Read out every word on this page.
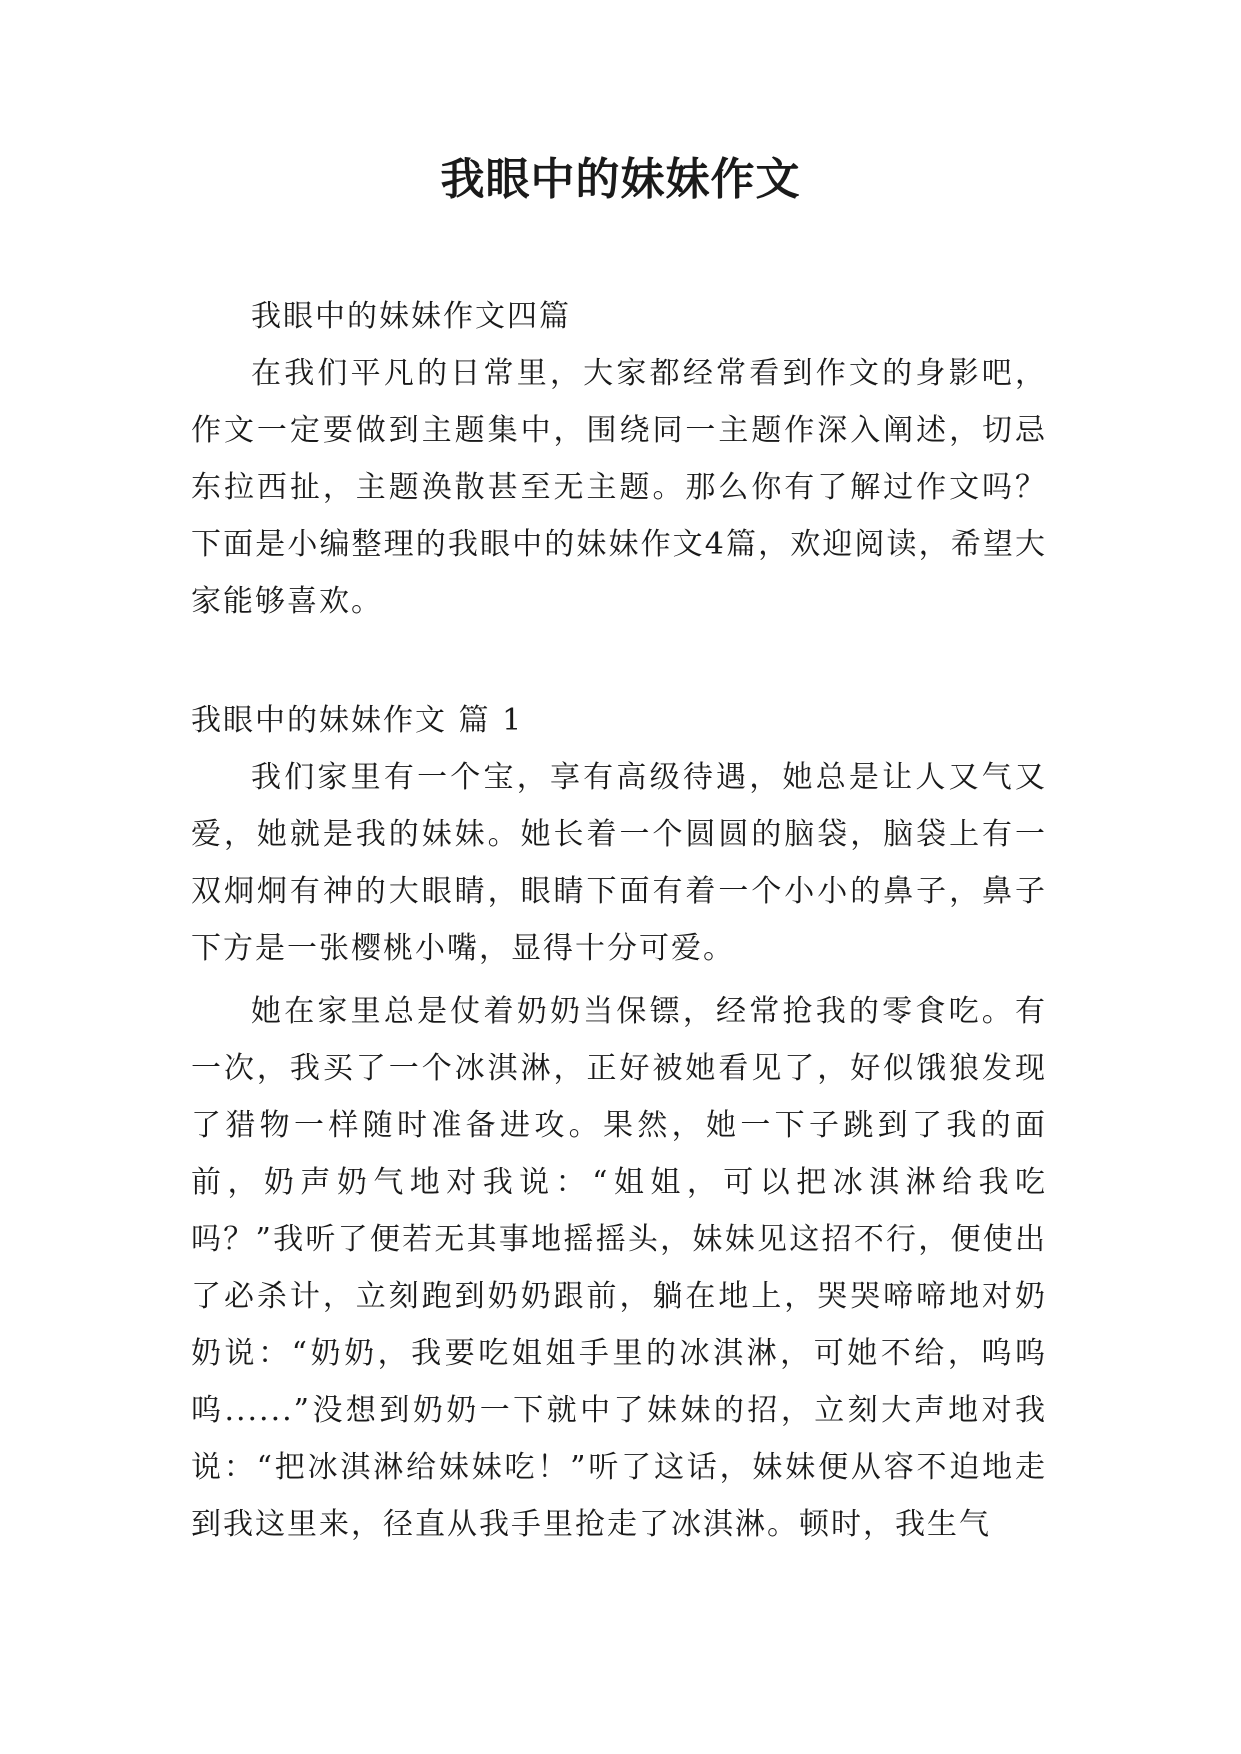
我眼中的妹妹作文

我眼中的妹妹作文四篇

在我们平凡的日常里，大家都经常看到作文的身影吧，作文一定要做到主题集中，围绕同一主题作深入阐述，切忌东拉西扯，主题涣散甚至无主题。那么你有了解过作文吗？下面是小编整理的我眼中的妹妹作文4篇，欢迎阅读，希望大家能够喜欢。

我眼中的妹妹作文 篇 1

我们家里有一个宝，享有高级待遇，她总是让人又气又爱，她就是我的妹妹。她长着一个圆圆的脑袋，脑袋上有一双炯炯有神的大眼睛，眼睛下面有着一个小小的鼻子，鼻子下方是一张樱桃小嘴，显得十分可爱。

她在家里总是仗着奶奶当保镖，经常抢我的零食吃。有一次，我买了一个冰淇淋，正好被她看见了，好似饿狼发现了猎物一样随时准备进攻。果然，她一下子跳到了我的面前，奶声奶气地对我说：“姐姐，可以把冰淇淋给我吃吗？”我听了便若无其事地摇摇头，妹妹见这招不行，便使出了必杀计，立刻跑到奶奶跟前，躺在地上，哭哭啼啼地对奶奶说：“奶奶，我要吃姐姐手里的冰淇淋，可她不给，呜呜呜......”没想到奶奶一下就中了妹妹的招，立刻大声地对我说：“把冰淇淋给妹妹吃！”听了这话，妹妹便从容不迫地走到我这里来，径直从我手里抢走了冰淇淋。顿时，我生气
